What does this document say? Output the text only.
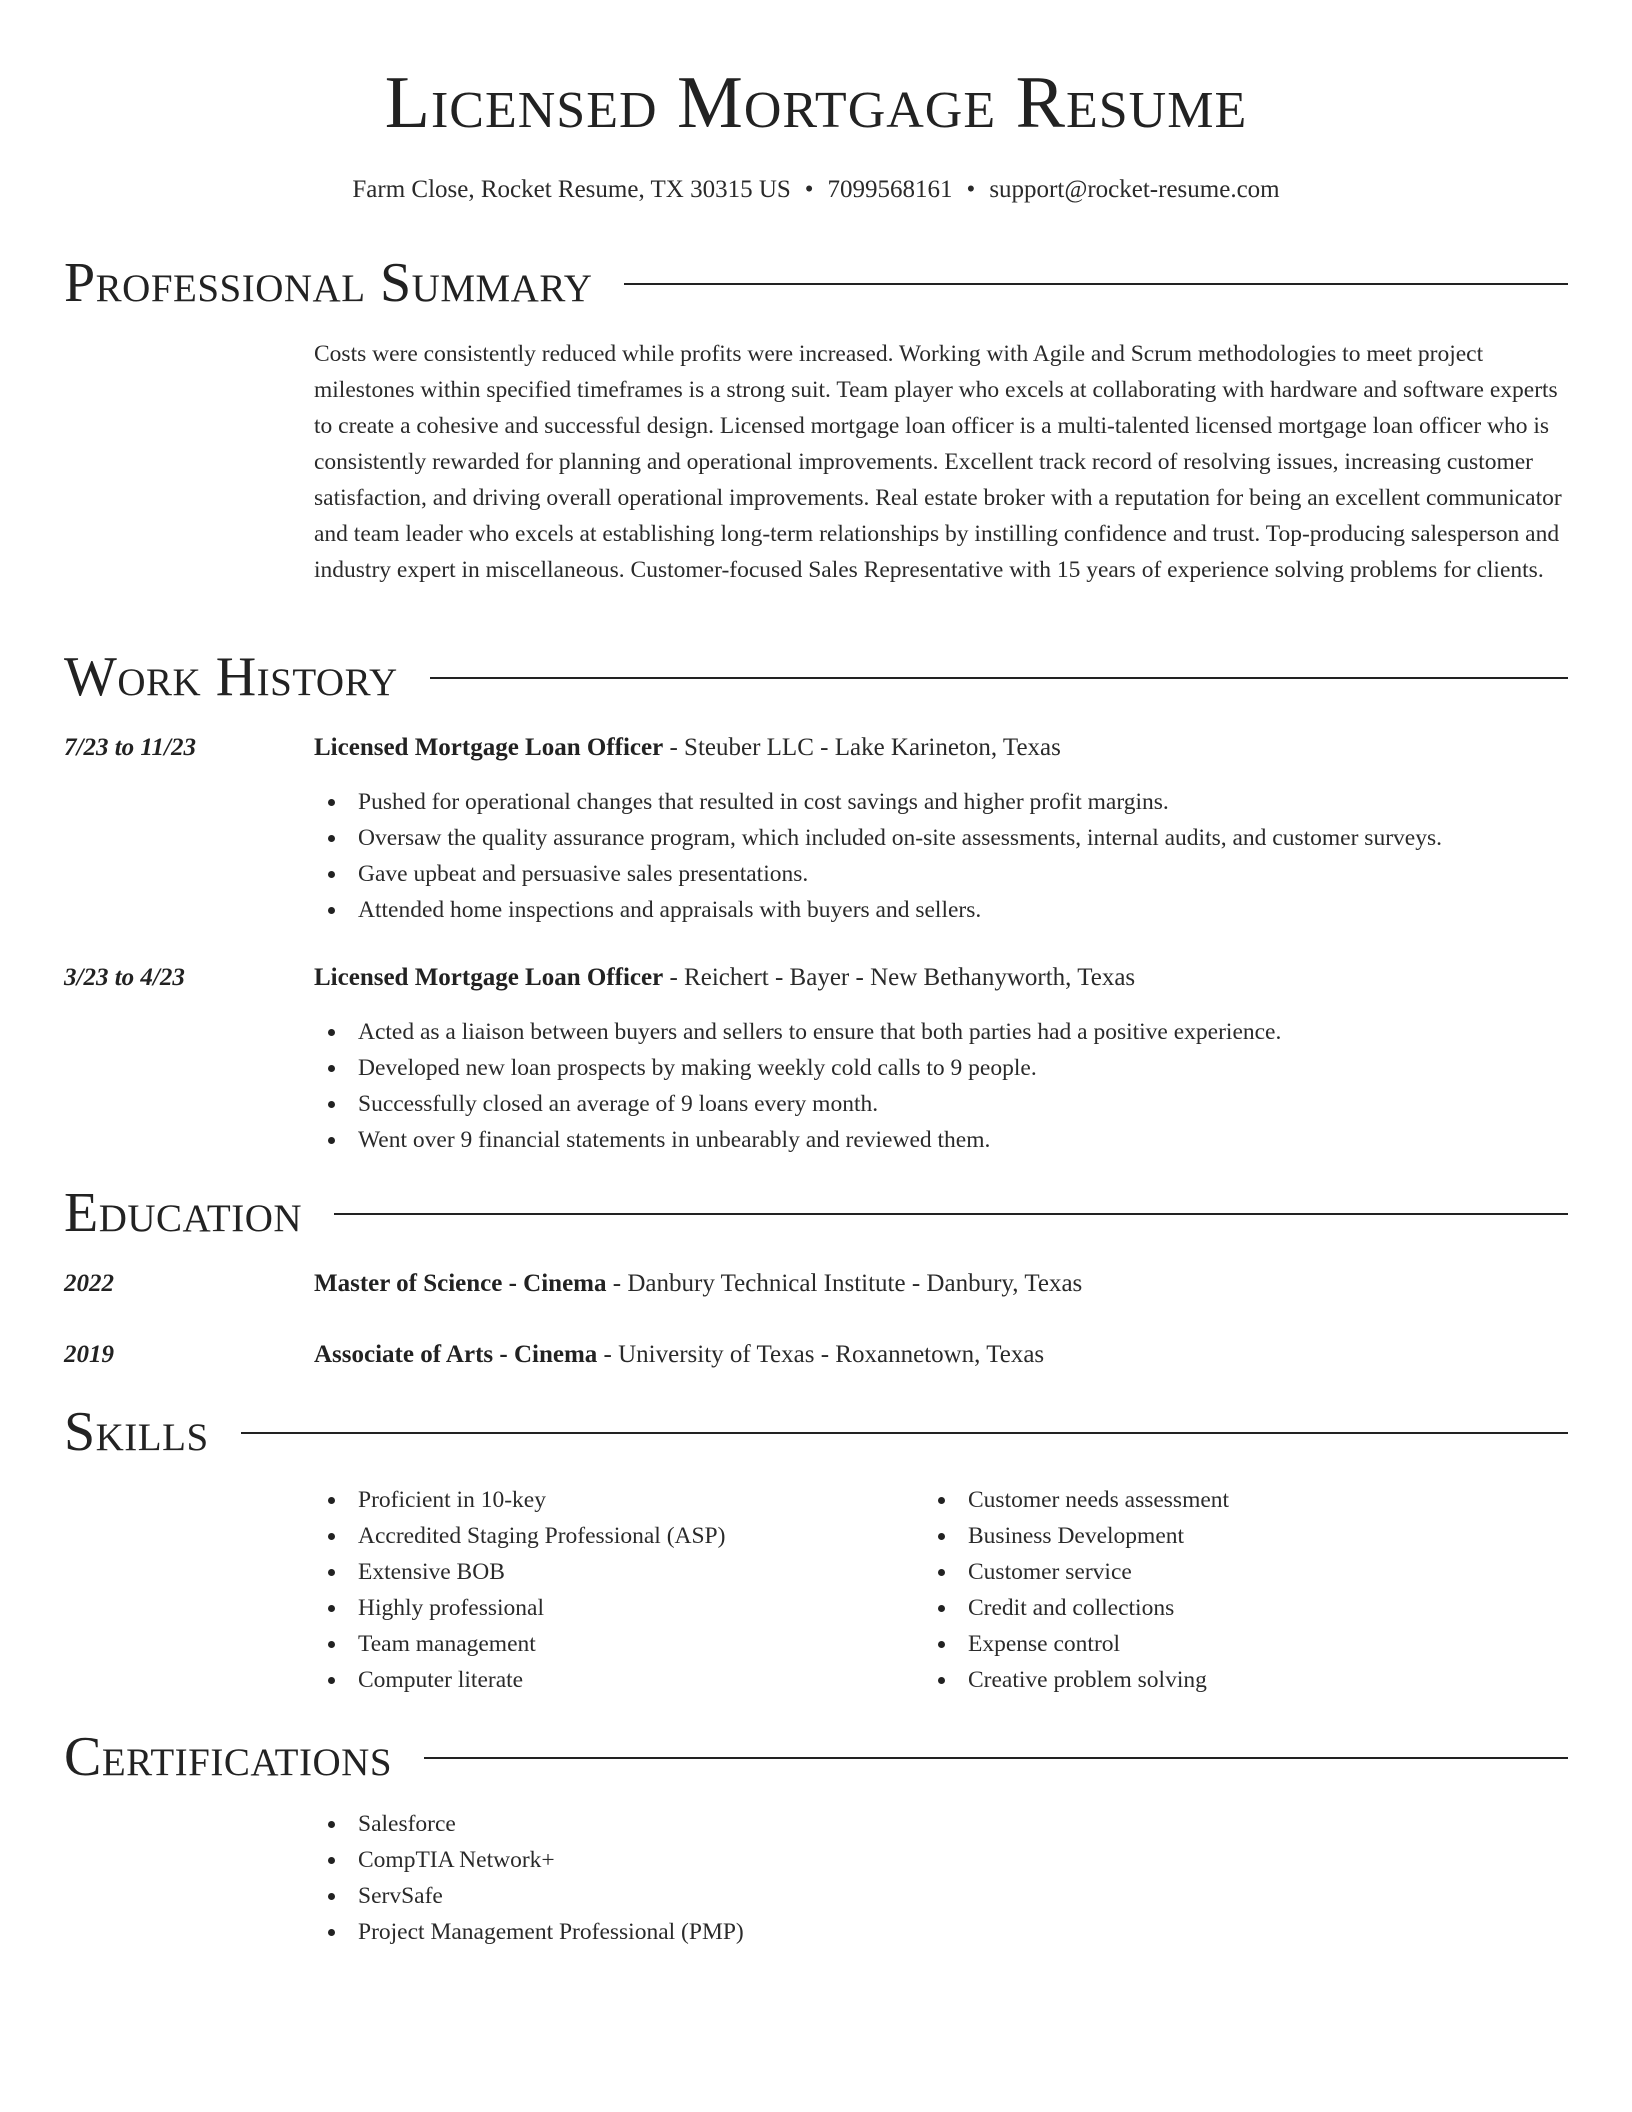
Licensed Mortgage Resume
Farm Close, Rocket Resume, TX 30315 US • 7099568161 • support@rocket-resume.com
Professional Summary
Costs were consistently reduced while profits were increased. Working with Agile and Scrum methodologies to meet project milestones within specified timeframes is a strong suit. Team player who excels at collaborating with hardware and software experts to create a cohesive and successful design. Licensed mortgage loan officer is a multi-talented licensed mortgage loan officer who is consistently rewarded for planning and operational improvements. Excellent track record of resolving issues, increasing customer satisfaction, and driving overall operational improvements. Real estate broker with a reputation for being an excellent communicator and team leader who excels at establishing long-term relationships by instilling confidence and trust. Top-producing salesperson and industry expert in miscellaneous. Customer-focused Sales Representative with 15 years of experience solving problems for clients.
Work History
7/23 to 11/23	Licensed Mortgage Loan Officer - Steuber LLC - Lake Karineton, Texas
Pushed for operational changes that resulted in cost savings and higher profit margins.
Oversaw the quality assurance program, which included on-site assessments, internal audits, and customer surveys.
Gave upbeat and persuasive sales presentations.
Attended home inspections and appraisals with buyers and sellers.
3/23 to 4/23	Licensed Mortgage Loan Officer - Reichert - Bayer - New Bethanyworth, Texas
Acted as a liaison between buyers and sellers to ensure that both parties had a positive experience.
Developed new loan prospects by making weekly cold calls to 9 people.
Successfully closed an average of 9 loans every month.
Went over 9 financial statements in unbearably and reviewed them.
Education
2022	Master of Science - Cinema - Danbury Technical Institute - Danbury, Texas
2019	Associate of Arts - Cinema - University of Texas - Roxannetown, Texas
Skills
Proficient in 10-key
Accredited Staging Professional (ASP)
Extensive BOB
Highly professional
Team management
Computer literate
Customer needs assessment
Business Development
Customer service
Credit and collections
Expense control
Creative problem solving
Certifications
Salesforce
CompTIA Network+
ServSafe
Project Management Professional (PMP)
